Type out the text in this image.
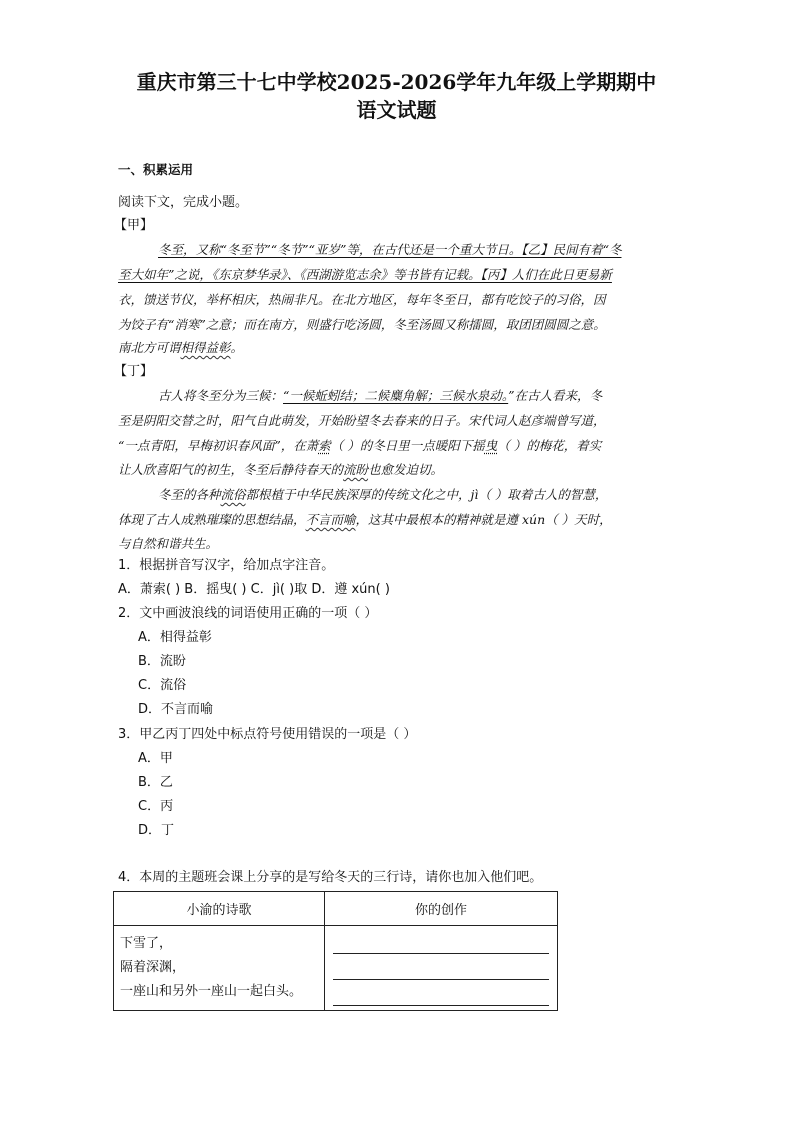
重庆市第三十七中学校2025-2026学年九年级上学期期中
语文试题
一、积累运用
阅读下文，完成小题。
【甲】
冬至，又称“冬至节”“冬节”“亚岁”等，在古代还是一个重大节日。【乙】民间有着“冬
至大如年”之说，《东京梦华录》、《西湖游览志余》等书皆有记载。【丙】人们在此日更易新
衣，馈送节仪，举杯相庆，热闹非凡。在北方地区，每年冬至日，都有吃饺子的习俗，因
为饺子有“消寒”之意；而在南方，则盛行吃汤圆，冬至汤圆又称擂圆，取团团圆圆之意。
南北方可谓相得益彰。
【丁】
古人将冬至分为三候：“一候蚯蚓结；二候麋角解；三候水泉动。”在古人看来，冬
至是阴阳交替之时，阳气自此萌发，开始盼望冬去春来的日子。宋代词人赵彦端曾写道，
“一点青阳，早梅初识春风面”，在萧索（ ）的冬日里一点暖阳下摇曳（ ）的梅花，着实
让人欣喜阳气的初生，冬至后静待春天的流盼也愈发迫切。
冬至的各种流俗都根植于中华民族深厚的传统文化之中，jì（ ）取着古人的智慧，
体现了古人成熟璀璨的思想结晶，不言而喻，这其中最根本的精神就是遵 xún（ ）天时，
与自然和谐共生。
1．根据拼音写汉字，给加点字注音。
A．萧索( ) B．摇曳( ) C．jì( )取 D．遵 xún( )
2．文中画波浪线的词语使用正确的一项（ ）
A．相得益彰
B．流盼
C．流俗
D．不言而喻
3．甲乙丙丁四处中标点符号使用错误的一项是（ ）
A．甲
B．乙
C．丙
D．丁
4．本周的主题班会课上分享的是写给冬天的三行诗，请你也加入他们吧。
小渝的诗歌	你的创作

下雪了，
隔着深渊，
一座山和另外一座山一起白头。	
